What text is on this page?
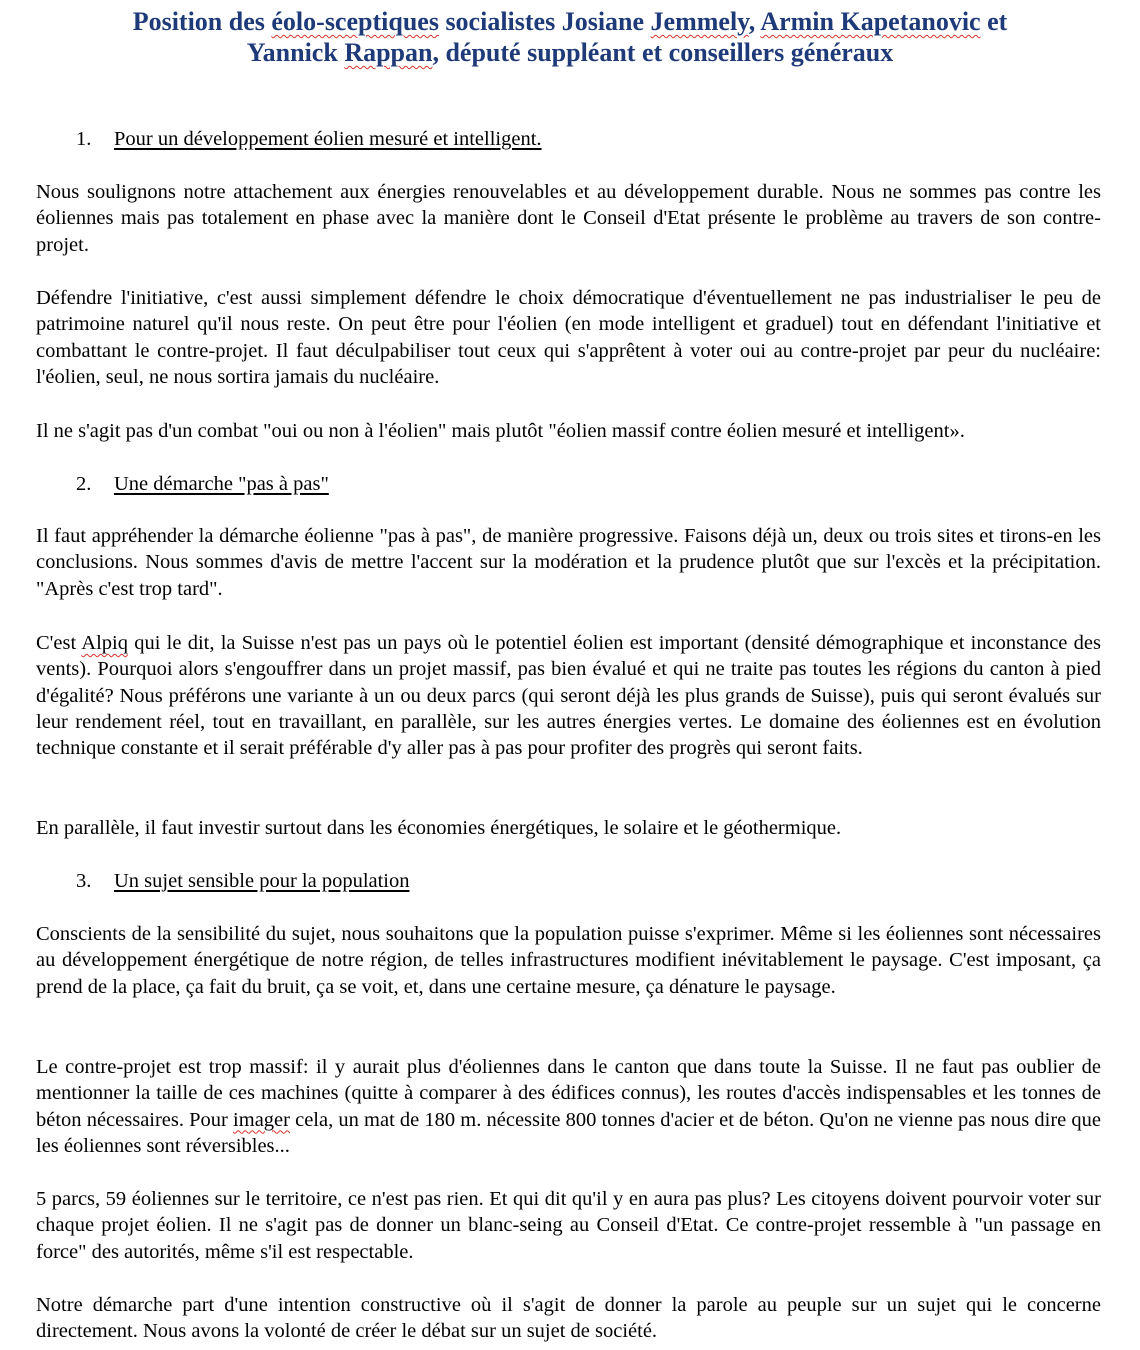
Position des éolo-sceptiques socialistes Josiane Jemmely, Armin Kapetanovic et
Yannick Rappan, député suppléant et conseillers généraux
1. Pour un développement éolien mesuré et intelligent.

Nous soulignons notre attachement aux énergies renouvelables et au développement durable. Nous ne sommes pas contre les éoliennes mais pas totalement en phase avec la manière dont le Conseil d'Etat présente le problème au travers de son contre-projet.

Défendre l'initiative, c'est aussi simplement défendre le choix démocratique d'éventuellement ne pas industrialiser le peu de patrimoine naturel qu'il nous reste. On peut être pour l'éolien (en mode intelligent et graduel) tout en défendant l'initiative et combattant le contre-projet. Il faut déculpabiliser tout ceux qui s'apprêtent à voter oui au contre-projet par peur du nucléaire: l'éolien, seul, ne nous sortira jamais du nucléaire.

Il ne s'agit pas d'un combat "oui ou non à l'éolien" mais plutôt "éolien massif contre éolien mesuré et intelligent».

2. Une démarche "pas à pas"

Il faut appréhender la démarche éolienne "pas à pas", de manière progressive. Faisons déjà un, deux ou trois sites et tirons-en les conclusions. Nous sommes d'avis de mettre l'accent sur la modération et la prudence plutôt que sur l'excès et la précipitation. "Après c'est trop tard".

C'est Alpiq qui le dit, la Suisse n'est pas un pays où le potentiel éolien est important (densité démographique et inconstance des vents). Pourquoi alors s'engouffrer dans un projet massif, pas bien évalué et qui ne traite pas toutes les régions du canton à pied d'égalité? Nous préférons une variante à un ou deux parcs (qui seront déjà les plus grands de Suisse), puis qui seront évalués sur leur rendement réel, tout en travaillant, en parallèle, sur les autres énergies vertes. Le domaine des éoliennes est en évolution technique constante et il serait préférable d'y aller pas à pas pour profiter des progrès qui seront faits.

En parallèle, il faut investir surtout dans les économies énergétiques, le solaire et le géothermique.

3. Un sujet sensible pour la population

Conscients de la sensibilité du sujet, nous souhaitons que la population puisse s'exprimer. Même si les éoliennes sont nécessaires au développement énergétique de notre région, de telles infrastructures modifient inévitablement le paysage. C'est imposant, ça prend de la place, ça fait du bruit, ça se voit, et, dans une certaine mesure, ça dénature le paysage.

Le contre-projet est trop massif: il y aurait plus d'éoliennes dans le canton que dans toute la Suisse. Il ne faut pas oublier de mentionner la taille de ces machines (quitte à comparer à des édifices connus), les routes d'accès indispensables et les tonnes de béton nécessaires. Pour imager cela, un mat de 180 m. nécessite 800 tonnes d'acier et de béton. Qu'on ne vienne pas nous dire que les éoliennes sont réversibles...

5 parcs, 59 éoliennes sur le territoire, ce n'est pas rien. Et qui dit qu'il y en aura pas plus? Les citoyens doivent pourvoir voter sur chaque projet éolien. Il ne s'agit pas de donner un blanc-seing au Conseil d'Etat. Ce contre-projet ressemble à "un passage en force" des autorités, même s'il est respectable.

Notre démarche part d'une intention constructive où il s'agit de donner la parole au peuple sur un sujet qui le concerne directement. Nous avons la volonté de créer le débat sur un sujet de société.
